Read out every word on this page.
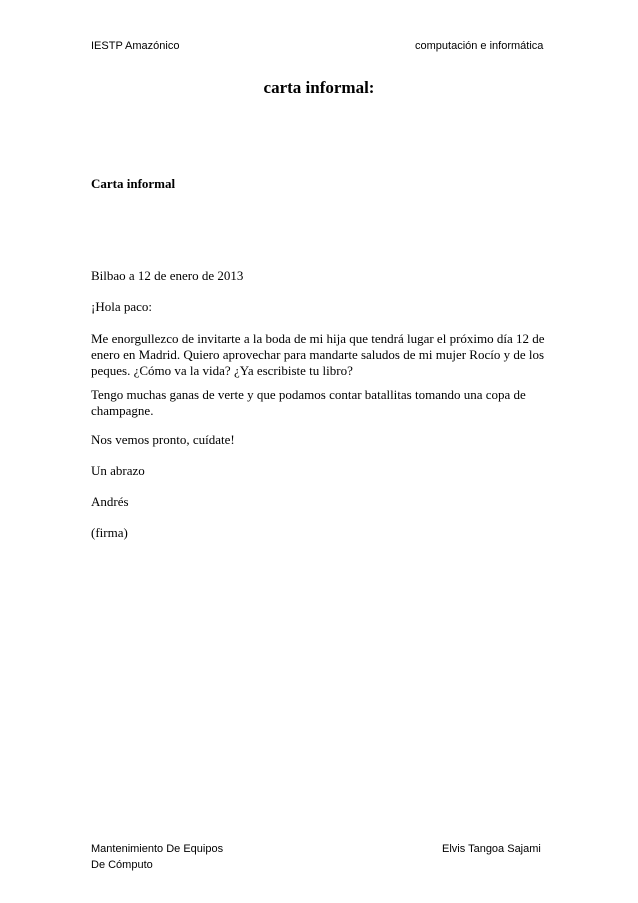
IESTP Amazónico	computación e informática
carta informal:
Carta informal
Bilbao a 12 de enero de 2013
¡Hola paco:
Me enorgullezco de invitarte a la boda de mi hija que tendrá lugar el próximo día 12 de enero en Madrid. Quiero aprovechar para mandarte saludos de mi mujer Rocío y de los peques. ¿Cómo va la vida? ¿Ya escribiste tu libro?
Tengo muchas ganas de verte y que podamos contar batallitas tomando una copa de champagne.
Nos vemos pronto, cuídate!
Un abrazo
Andrés
(firma)
Mantenimiento De Equipos
De Cómputo
Elvis Tangoa Sajami
